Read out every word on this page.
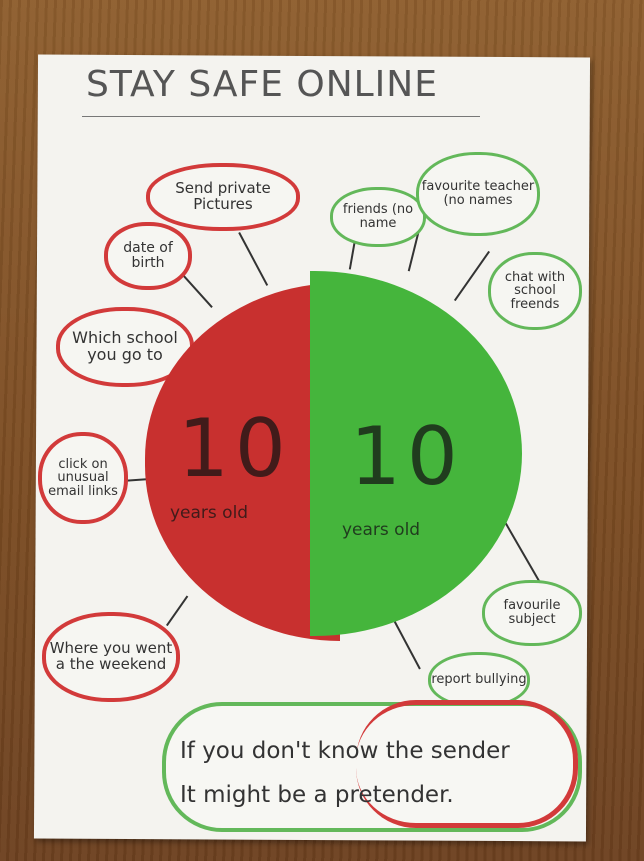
STAY SAFE ONLINE
Send private Pictures
date of birth
Which school you go to
click on unusual email links
Where you went a the weekend
10
years old
10
years old
friends (no name
favourite teacher (no names
chat with school freends
favourile subject
report bullying
If you don't know the sender
It might be a pretender.
